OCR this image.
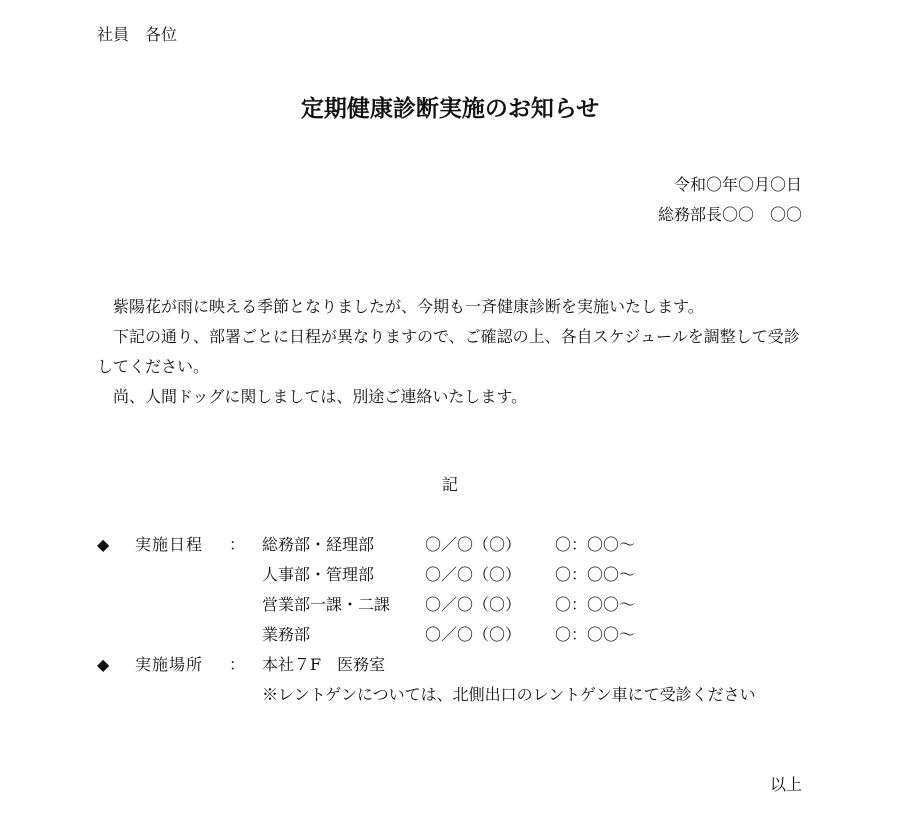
社員　各位
定期健康診断実施のお知らせ
令和〇年〇月〇日
総務部長〇〇　〇〇

紫陽花が雨に映える季節となりましたが、今期も一斉健康診断を実施いたします。

下記の通り、部署ごとに日程が異なりますので、ご確認の上、各自スケジュールを調整して受診してください。

尚、人間ドッグに関しましては、別途ご連絡いたします。

記
◆ 実施日程 ： 総務部・経理部	〇／〇（〇） 〇：〇〇～
人事部・管理部	〇／〇（〇） 〇：〇〇～
営業部一課・二課 〇／〇（〇） 〇：〇〇～
業務部	〇／〇（〇） 〇：〇〇～
◆ 実施場所 ： 本社７F　医務室
※レントゲンについては、北側出口のレントゲン車にて受診ください
以上
